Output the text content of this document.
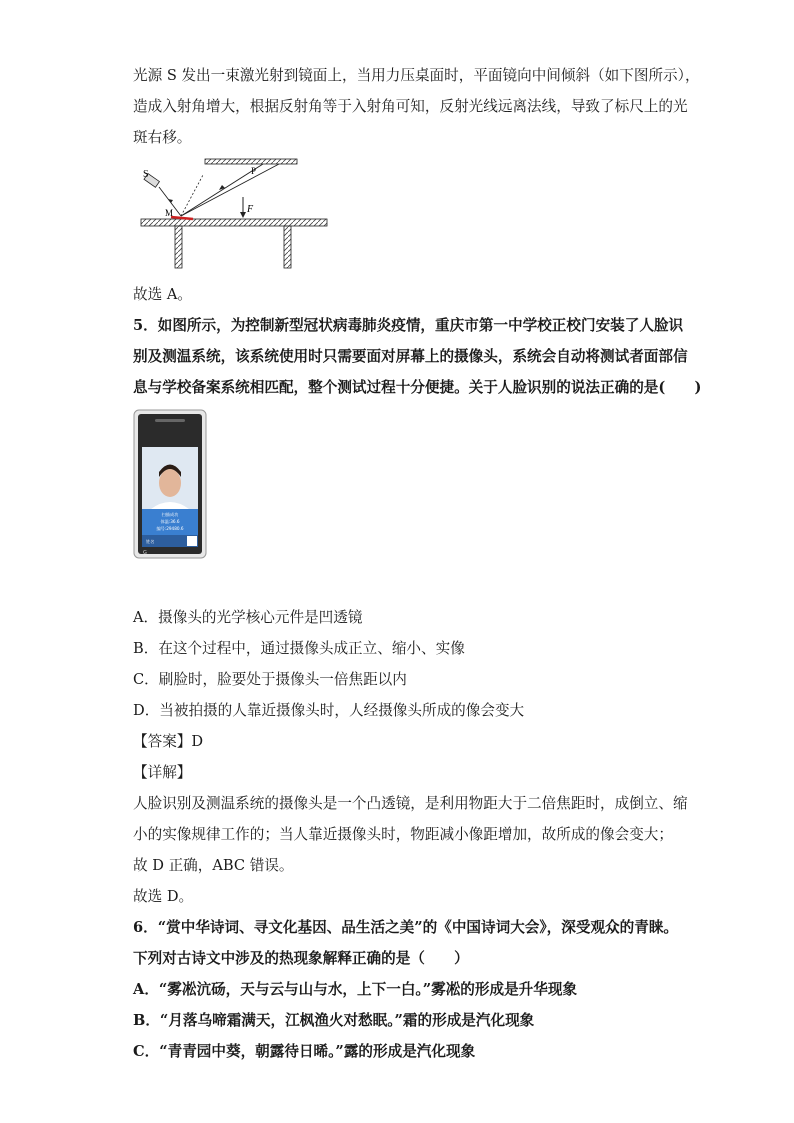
光源 S 发出一束激光射到镜面上，当用力压桌面时，平面镜向中间倾斜（如下图所示），
造成入射角增大，根据反射角等于入射角可知，反射光线远离法线，导致了标尺上的光
斑右移。
S	P
M	F
故选 A。
5．如图所示，为控制新型冠状病毒肺炎疫情，重庆市第一中学校正校门安装了人脸识
别及测温系统，该系统使用时只需要面对屏幕上的摄像头，系统会自动将测试者面部信
息与学校备案系统相匹配，整个测试过程十分便捷。关于人脸识别的说法正确的是(　　)
扫描成功
体温:36.6
编号:29480.6
姓名
G
A．摄像头的光学核心元件是凹透镜
B．在这个过程中，通过摄像头成正立、缩小、实像
C．刷脸时，脸要处于摄像头一倍焦距以内
D．当被拍摄的人靠近摄像头时，人经摄像头所成的像会变大
【答案】D
【详解】
人脸识别及测温系统的摄像头是一个凸透镜，是利用物距大于二倍焦距时，成倒立、缩
小的实像规律工作的；当人靠近摄像头时，物距减小像距增加，故所成的像会变大；
故 D 正确，ABC 错误。
故选 D。
6．“赏中华诗词、寻文化基因、品生活之美”的《中国诗词大会》，深受观众的青睐。
下列对古诗文中涉及的热现象解释正确的是（　　）
A．“雾凇沆砀，天与云与山与水，上下一白。”雾凇的形成是升华现象
B．“月落乌啼霜满天，江枫渔火对愁眠。”霜的形成是汽化现象
C．“青青园中葵，朝露待日晞。”露的形成是汽化现象
